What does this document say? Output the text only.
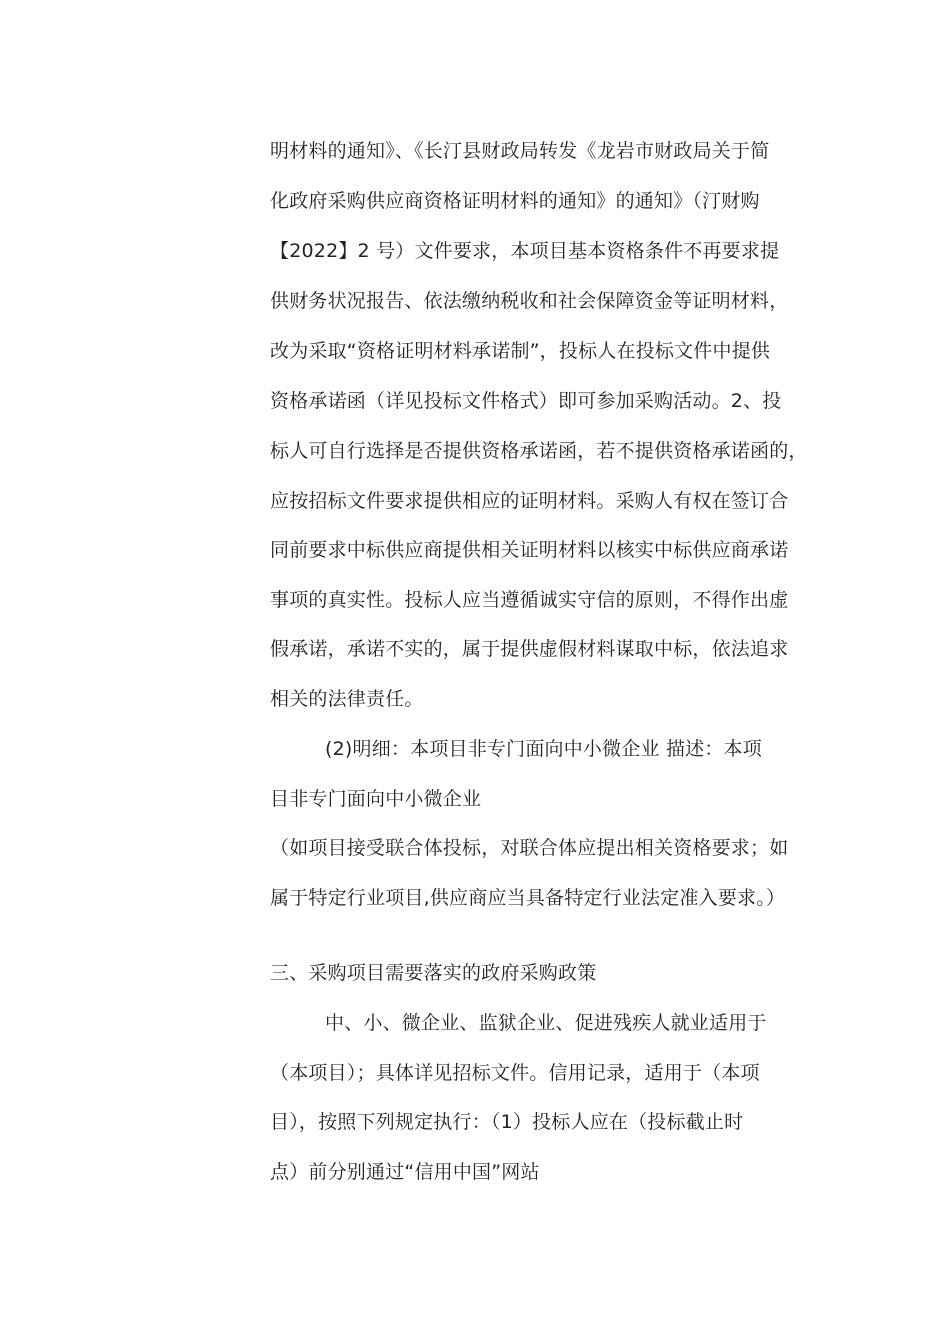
明材料的通知》、《长汀县财政局转发《龙岩市财政局关于简
化政府采购供应商资格证明材料的通知》的通知》（汀财购
【2022】2 号）文件要求，本项目基本资格条件不再要求提
供财务状况报告、依法缴纳税收和社会保障资金等证明材料，
改为采取“资格证明材料承诺制”，投标人在投标文件中提供
资格承诺函（详见投标文件格式）即可参加采购活动。2、投
标人可自行选择是否提供资格承诺函，若不提供资格承诺函的，
应按招标文件要求提供相应的证明材料。采购人有权在签订合
同前要求中标供应商提供相关证明材料以核实中标供应商承诺
事项的真实性。投标人应当遵循诚实守信的原则，不得作出虚
假承诺，承诺不实的，属于提供虚假材料谋取中标，依法追求
相关的法律责任。
(2)明细：本项目非专门面向中小微企业 描述：本项
目非专门面向中小微企业
（如项目接受联合体投标，对联合体应提出相关资格要求；如
属于特定行业项目,供应商应当具备特定行业法定准入要求。）
三、采购项目需要落实的政府采购政策
中、小、微企业、监狱企业、促进残疾人就业适用于
（本项目）；具体详见招标文件。信用记录，适用于（本项
目），按照下列规定执行：（1）投标人应在（投标截止时
点）前分别通过“信用中国”网站
